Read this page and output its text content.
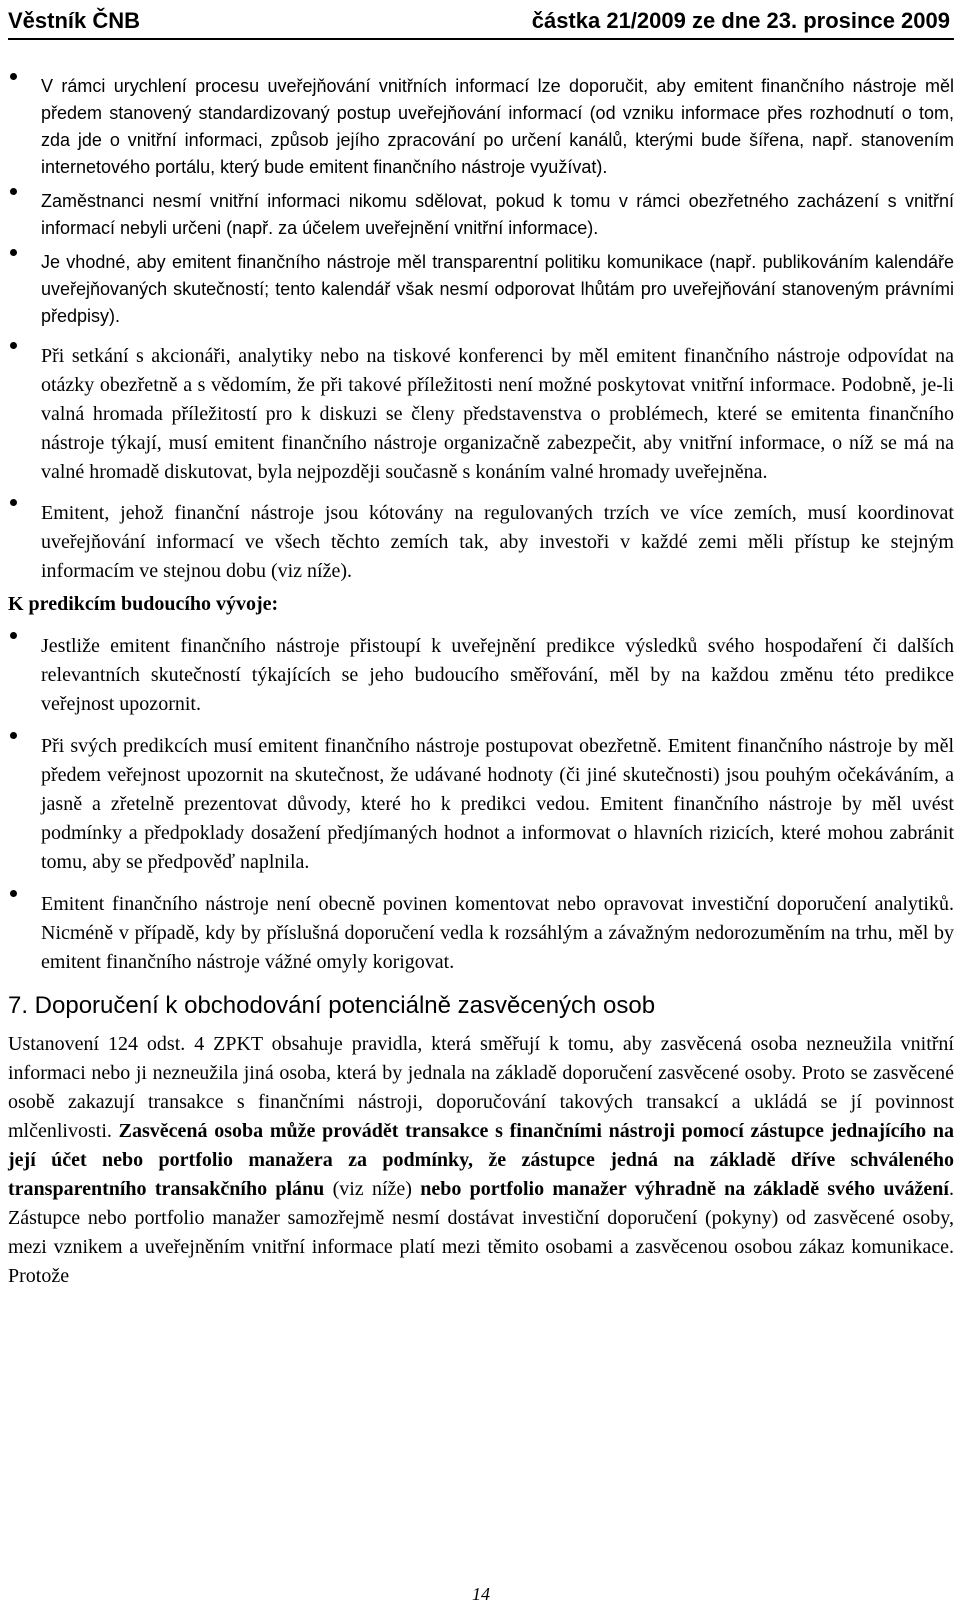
Věstník ČNB	částka 21/2009 ze dne 23. prosince 2009
V rámci urychlení procesu uveřejňování vnitřních informací lze doporučit, aby emitent finančního nástroje měl předem stanovený standardizovaný postup uveřejňování informací (od vzniku informace přes rozhodnutí o tom, zda jde o vnitřní informaci, způsob jejího zpracování po určení kanálů, kterými bude šířena, např. stanovením internetového portálu, který bude emitent finančního nástroje využívat).
Zaměstnanci nesmí vnitřní informaci nikomu sdělovat, pokud k tomu v rámci obezřetného zacházení s vnitřní informací nebyli určeni (např. za účelem uveřejnění vnitřní informace).
Je vhodné, aby emitent finančního nástroje měl transparentní politiku komunikace (např. publikováním kalendáře uveřejňovaných skutečností; tento kalendář však nesmí odporovat lhůtám pro uveřejňování stanoveným právními předpisy).
Při setkání s akcionáři, analytiky nebo na tiskové konferenci by měl emitent finančního nástroje odpovídat na otázky obezřetně a s vědomím, že při takové příležitosti není možné poskytovat vnitřní informace. Podobně, je-li valná hromada příležitostí pro k diskuzi se členy představenstva o problémech, které se emitenta finančního nástroje týkají, musí emitent finančního nástroje organizačně zabezpečit, aby vnitřní informace, o níž se má na valné hromadě diskutovat, byla nejpozději současně s konáním valné hromady uveřejněna.
Emitent, jehož finanční nástroje jsou kótovány na regulovaných trzích ve více zemích, musí koordinovat uveřejňování informací ve všech těchto zemích tak, aby investoři v každé zemi měli přístup ke stejným informacím ve stejnou dobu (viz níže).
K predikcím budoucího vývoje:
Jestliže emitent finančního nástroje přistoupí k uveřejnění predikce výsledků svého hospodaření či dalších relevantních skutečností týkajících se jeho budoucího směřování, měl by na každou změnu této predikce veřejnost upozornit.
Při svých predikcích musí emitent finančního nástroje postupovat obezřetně. Emitent finančního nástroje by měl předem veřejnost upozornit na skutečnost, že udávané hodnoty (či jiné skutečnosti) jsou pouhým očekáváním, a jasně a zřetelně prezentovat důvody, které ho k predikci vedou. Emitent finančního nástroje by měl uvést podmínky a předpoklady dosažení předjímaných hodnot a informovat o hlavních rizicích, které mohou zabránit tomu, aby se předpověď naplnila.
Emitent finančního nástroje není obecně povinen komentovat nebo opravovat investiční doporučení analytiků. Nicméně v případě, kdy by příslušná doporučení vedla k rozsáhlým a závažným nedorozuměním na trhu, měl by emitent finančního nástroje vážné omyly korigovat.
7. Doporučení k obchodování potenciálně zasvěcených osob

Ustanovení 124 odst. 4 ZPKT obsahuje pravidla, která směřují k tomu, aby zasvěcená osoba nezneužila vnitřní informaci nebo ji nezneužila jiná osoba, která by jednala na základě doporučení zasvěcené osoby. Proto se zasvěcené osobě zakazují transakce s finančními nástroji, doporučování takových transakcí a ukládá se jí povinnost mlčenlivosti. Zasvěcená osoba může provádět transakce s finančními nástroji pomocí zástupce jednajícího na její účet nebo portfolio manažera za podmínky, že zástupce jedná na základě dříve schváleného transparentního transakčního plánu (viz níže) nebo portfolio manažer výhradně na základě svého uvážení. Zástupce nebo portfolio manažer samozřejmě nesmí dostávat investiční doporučení (pokyny) od zasvěcené osoby, mezi vznikem a uveřejněním vnitřní informace platí mezi těmito osobami a zasvěcenou osobou zákaz komunikace. Protože

14
